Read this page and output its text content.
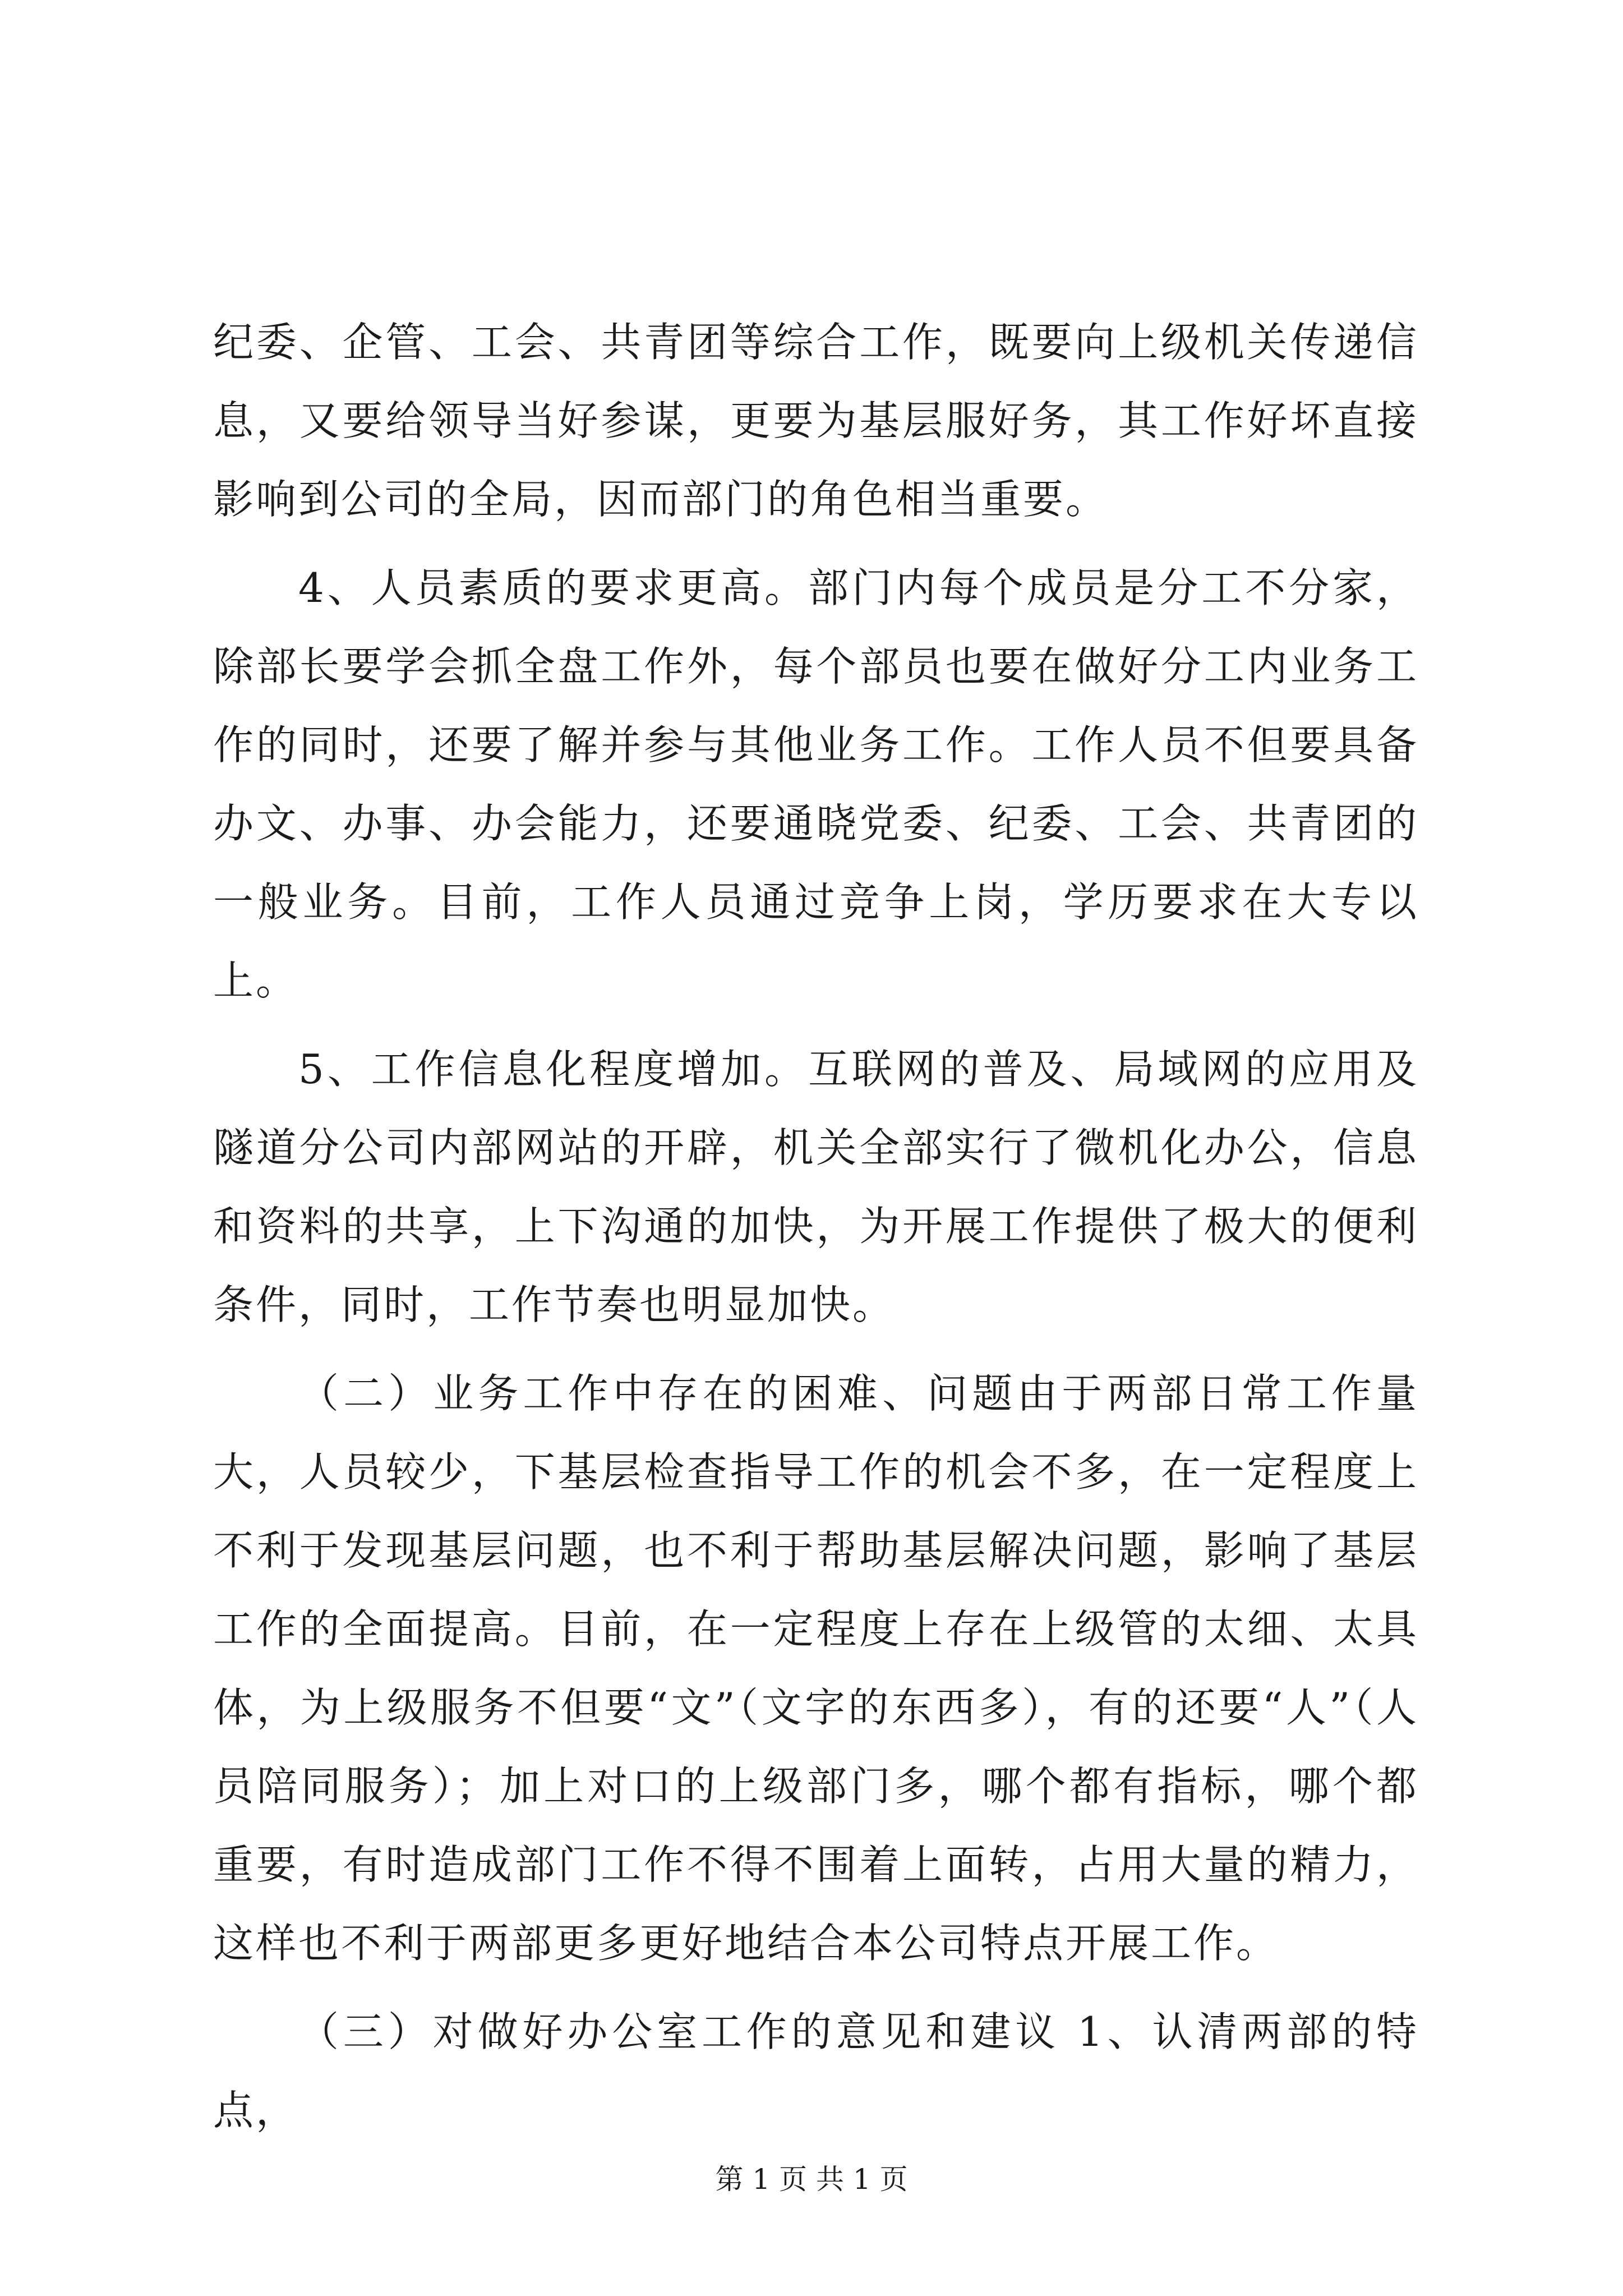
纪委、企管、工会、共青团等综合工作，既要向上级机关传递信息，又要给领导当好参谋，更要为基层服好务，其工作好坏直接影响到公司的全局，因而部门的角色相当重要。

4、人员素质的要求更高。部门内每个成员是分工不分家，除部长要学会抓全盘工作外，每个部员也要在做好分工内业务工作的同时，还要了解并参与其他业务工作。工作人员不但要具备办文、办事、办会能力，还要通晓党委、纪委、工会、共青团的一般业务。目前，工作人员通过竞争上岗，学历要求在大专以上。

5、工作信息化程度增加。互联网的普及、局域网的应用及隧道分公司内部网站的开辟，机关全部实行了微机化办公，信息和资料的共享，上下沟通的加快，为开展工作提供了极大的便利条件，同时，工作节奏也明显加快。

（二）业务工作中存在的困难、问题由于两部日常工作量大，人员较少，下基层检查指导工作的机会不多，在一定程度上不利于发现基层问题，也不利于帮助基层解决问题，影响了基层工作的全面提高。目前，在一定程度上存在上级管的太细、太具体，为上级服务不但要“文”（文字的东西多），有的还要“人”（人员陪同服务）；加上对口的上级部门多，哪个都有指标，哪个都重要，有时造成部门工作不得不围着上面转，占用大量的精力，这样也不利于两部更多更好地结合本公司特点开展工作。

（三）对做好办公室工作的意见和建议 1、认清两部的特点，

第 1 页 共 1 页
